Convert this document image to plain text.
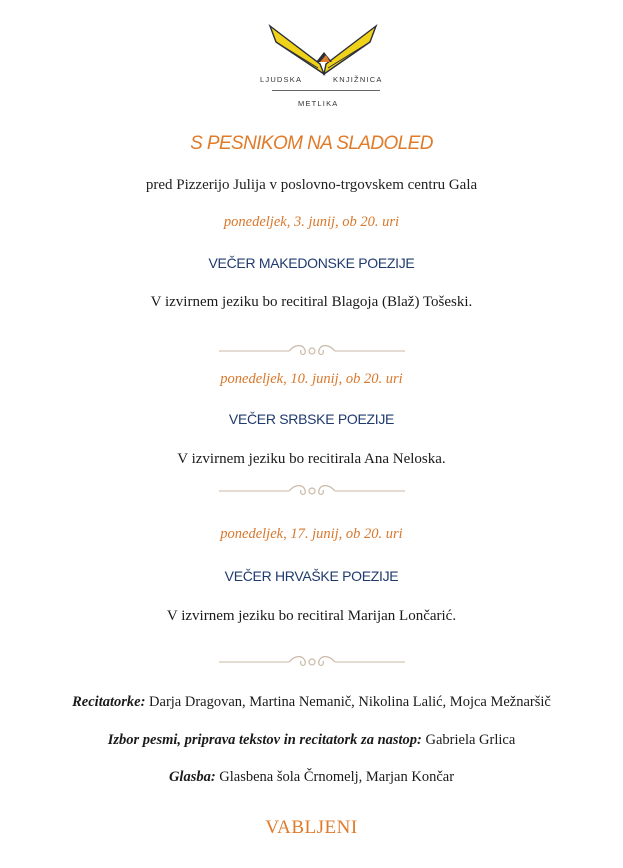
LJUDSKA	KNJIŽNICA
METLIKA
S PESNIKOM NA SLADOLED
pred Pizzerijo Julija v poslovno-trgovskem centru Gala
ponedeljek, 3. junij, ob 20. uri
VEČER MAKEDONSKE POEZIJE
V izvirnem jeziku bo recitiral Blagoja (Blaž) Tošeski.
ponedeljek, 10. junij, ob 20. uri
VEČER SRBSKE POEZIJE
V izvirnem jeziku bo recitirala Ana Neloska.
ponedeljek, 17. junij, ob 20. uri
VEČER HRVAŠKE POEZIJE
V izvirnem jeziku bo recitiral Marijan Lončarić.
Recitatorke: Darja Dragovan, Martina Nemanič, Nikolina Lalić, Mojca Mežnaršič
Izbor pesmi, priprava tekstov in recitatork za nastop: Gabriela Grlica
Glasba: Glasbena šola Črnomelj, Marjan Končar
VABLJENI
